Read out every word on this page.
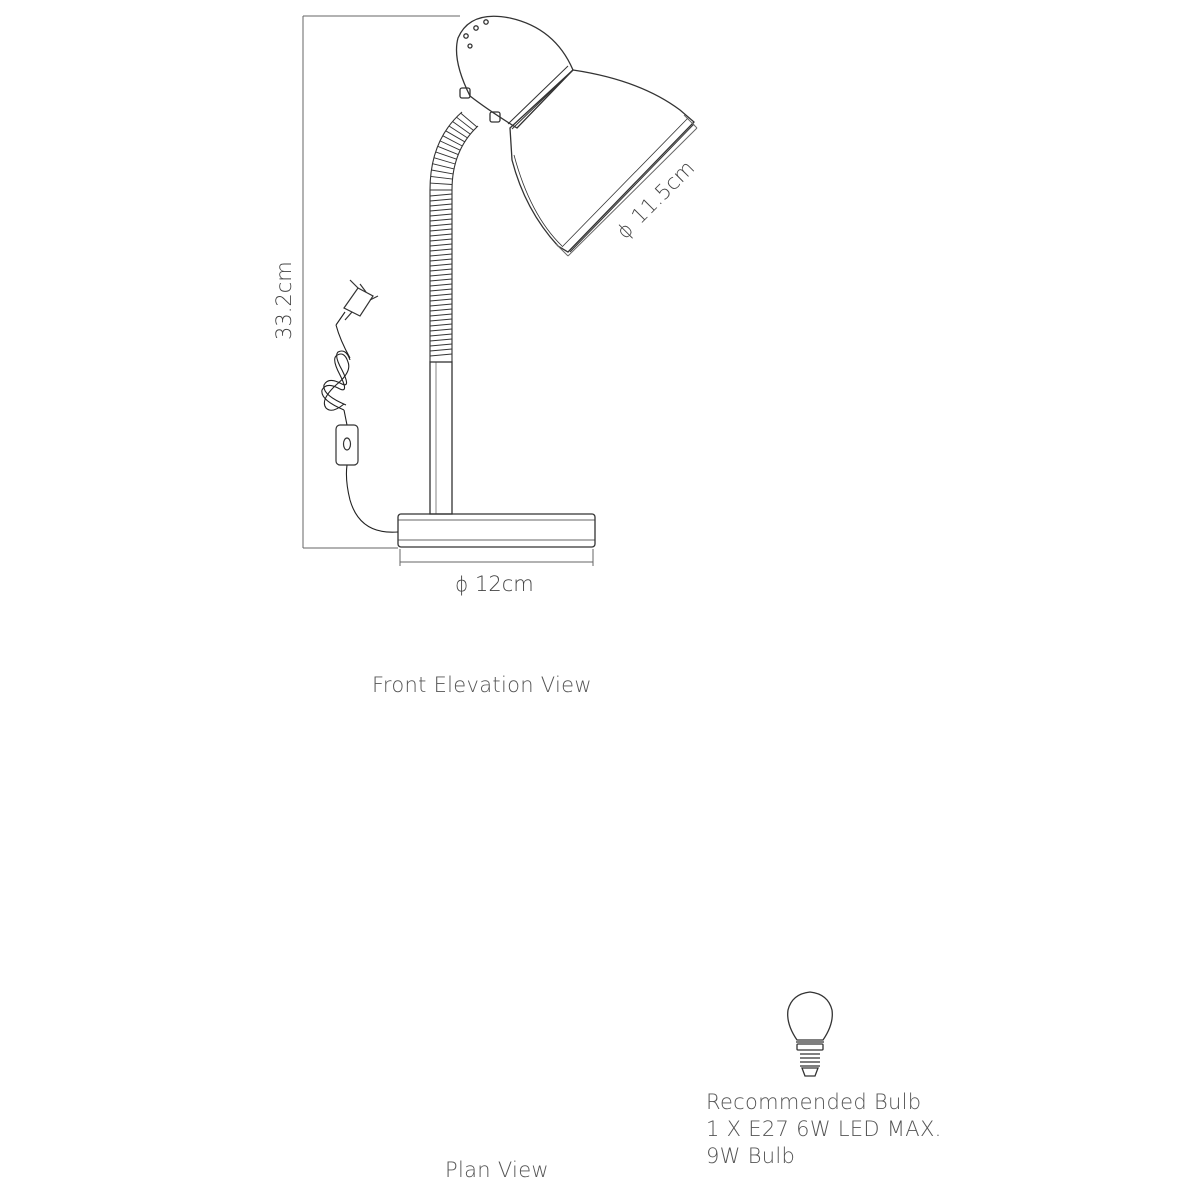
33.2cm
ϕ 12cm
ϕ
11.5cm
Front Elevation View
Plan View
Recommended Bulb
1 X E27 6W LED MAX.
9W Bulb
